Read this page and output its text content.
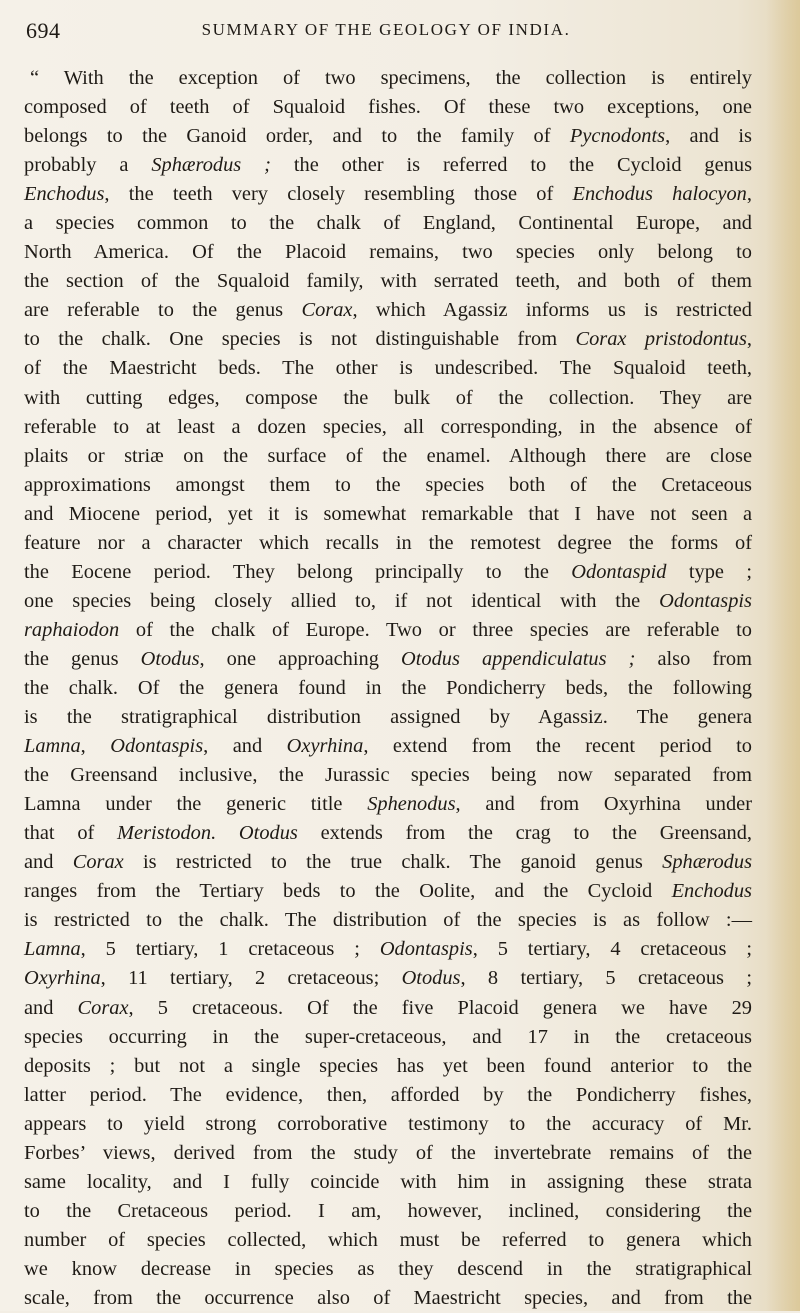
694	SUMMARY OF THE GEOLOGY OF INDIA.
“ With the exception of two specimens, the collection is entirely
composed of teeth of Squaloid fishes. Of these two exceptions, one
belongs to the Ganoid order, and to the family of Pycnodonts, and is
probably a Sphærodus ; the other is referred to the Cycloid genus
Enchodus, the teeth very closely resembling those of Enchodus halocyon,
a species common to the chalk of England, Continental Europe, and
North America. Of the Placoid remains, two species only belong to
the section of the Squaloid family, with serrated teeth, and both of them
are referable to the genus Corax, which Agassiz informs us is restricted
to the chalk. One species is not distinguishable from Corax pristodontus,
of the Maestricht beds. The other is undescribed. The Squaloid teeth,
with cutting edges, compose the bulk of the collection. They are
referable to at least a dozen species, all corresponding, in the absence of
plaits or striæ on the surface of the enamel. Although there are close
approximations amongst them to the species both of the Cretaceous
and Miocene period, yet it is somewhat remarkable that I have not seen a
feature nor a character which recalls in the remotest degree the forms of
the Eocene period. They belong principally to the Odontaspid type ;
one species being closely allied to, if not identical with the Odontaspis
raphaiodon of the chalk of Europe. Two or three species are referable to
the genus Otodus, one approaching Otodus appendiculatus ; also from
the chalk. Of the genera found in the Pondicherry beds, the following
is the stratigraphical distribution assigned by Agassiz. The genera
Lamna, Odontaspis, and Oxyrhina, extend from the recent period to
the Greensand inclusive, the Jurassic species being now separated from
Lamna under the generic title Sphenodus, and from Oxyrhina under
that of Meristodon. Otodus extends from the crag to the Greensand,
and Corax is restricted to the true chalk. The ganoid genus Sphærodus
ranges from the Tertiary beds to the Oolite, and the Cycloid Enchodus
is restricted to the chalk. The distribution of the species is as follow :—
Lamna, 5 tertiary, 1 cretaceous ; Odontaspis, 5 tertiary, 4 cretaceous ;
Oxyrhina, 11 tertiary, 2 cretaceous; Otodus, 8 tertiary, 5 cretaceous ;
and Corax, 5 cretaceous. Of the five Placoid genera we have 29
species occurring in the super-cretaceous, and 17 in the cretaceous
deposits ; but not a single species has yet been found anterior to the
latter period. The evidence, then, afforded by the Pondicherry fishes,
appears to yield strong corroborative testimony to the accuracy of Mr.
Forbes’ views, derived from the study of the invertebrate remains of the
same locality, and I fully coincide with him in assigning these strata
to the Cretaceous period. I am, however, inclined, considering the
number of species collected, which must be referred to genera which
we know decrease in species as they descend in the stratigraphical
scale, from the occurrence also of Maestricht species, and from the
